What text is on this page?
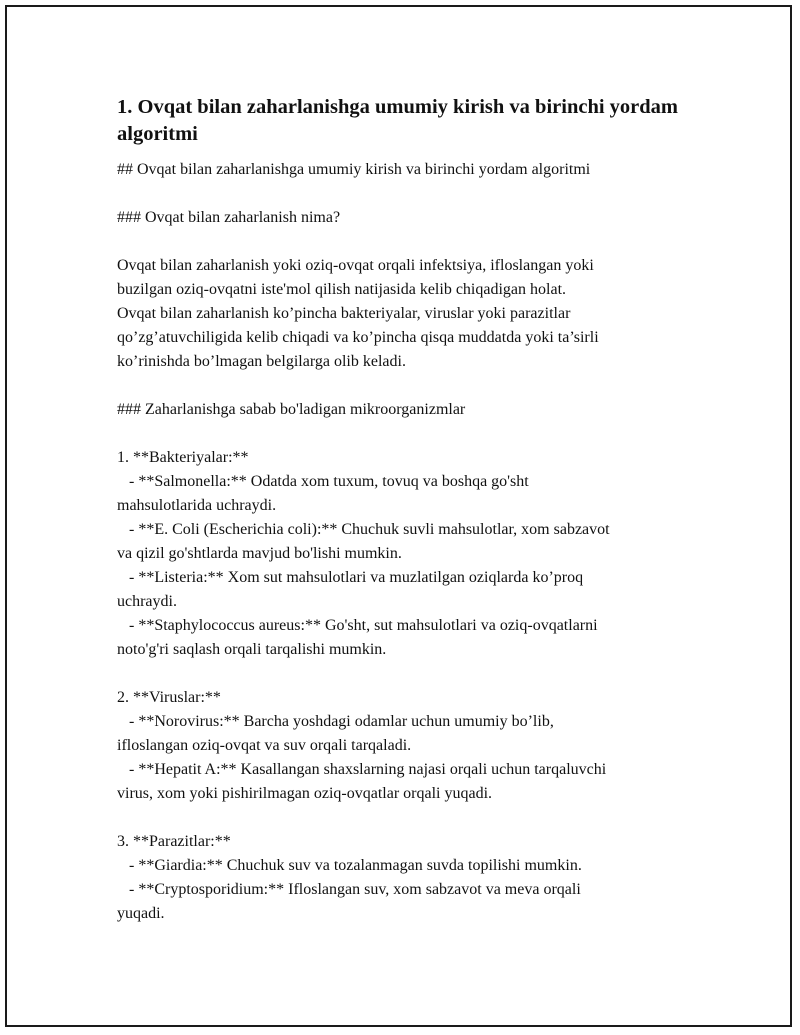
1. Ovqat bilan zaharlanishga umumiy kirish va birinchi yordam algoritmi
## Ovqat bilan zaharlanishga umumiy kirish va birinchi yordam algoritmi
### Ovqat bilan zaharlanish nima?
Ovqat bilan zaharlanish yoki oziq-ovqat orqali infektsiya, ifloslangan yoki
buzilgan oziq-ovqatni iste'mol qilish natijasida kelib chiqadigan holat.
Ovqat bilan zaharlanish ko’pincha bakteriyalar, viruslar yoki parazitlar
qo’zg’atuvchiligida kelib chiqadi va ko’pincha qisqa muddatda yoki ta’sirli
ko’rinishda bo’lmagan belgilarga olib keladi.
### Zaharlanishga sabab bo'ladigan mikroorganizmlar
1. **Bakteriyalar:**
- **Salmonella:** Odatda xom tuxum, tovuq va boshqa go'sht
mahsulotlarida uchraydi.
- **E. Coli (Escherichia coli):** Chuchuk suvli mahsulotlar, xom sabzavot
va qizil go'shtlarda mavjud bo'lishi mumkin.
- **Listeria:** Xom sut mahsulotlari va muzlatilgan oziqlarda ko’proq
uchraydi.
- **Staphylococcus aureus:** Go'sht, sut mahsulotlari va oziq-ovqatlarni
noto'g'ri saqlash orqali tarqalishi mumkin.
2. **Viruslar:**
- **Norovirus:** Barcha yoshdagi odamlar uchun umumiy bo’lib,
ifloslangan oziq-ovqat va suv orqali tarqaladi.
- **Hepatit A:** Kasallangan shaxslarning najasi orqali uchun tarqaluvchi
virus, xom yoki pishirilmagan oziq-ovqatlar orqali yuqadi.
3. **Parazitlar:**
- **Giardia:** Chuchuk suv va tozalanmagan suvda topilishi mumkin.
- **Cryptosporidium:** Ifloslangan suv, xom sabzavot va meva orqali
yuqadi.
